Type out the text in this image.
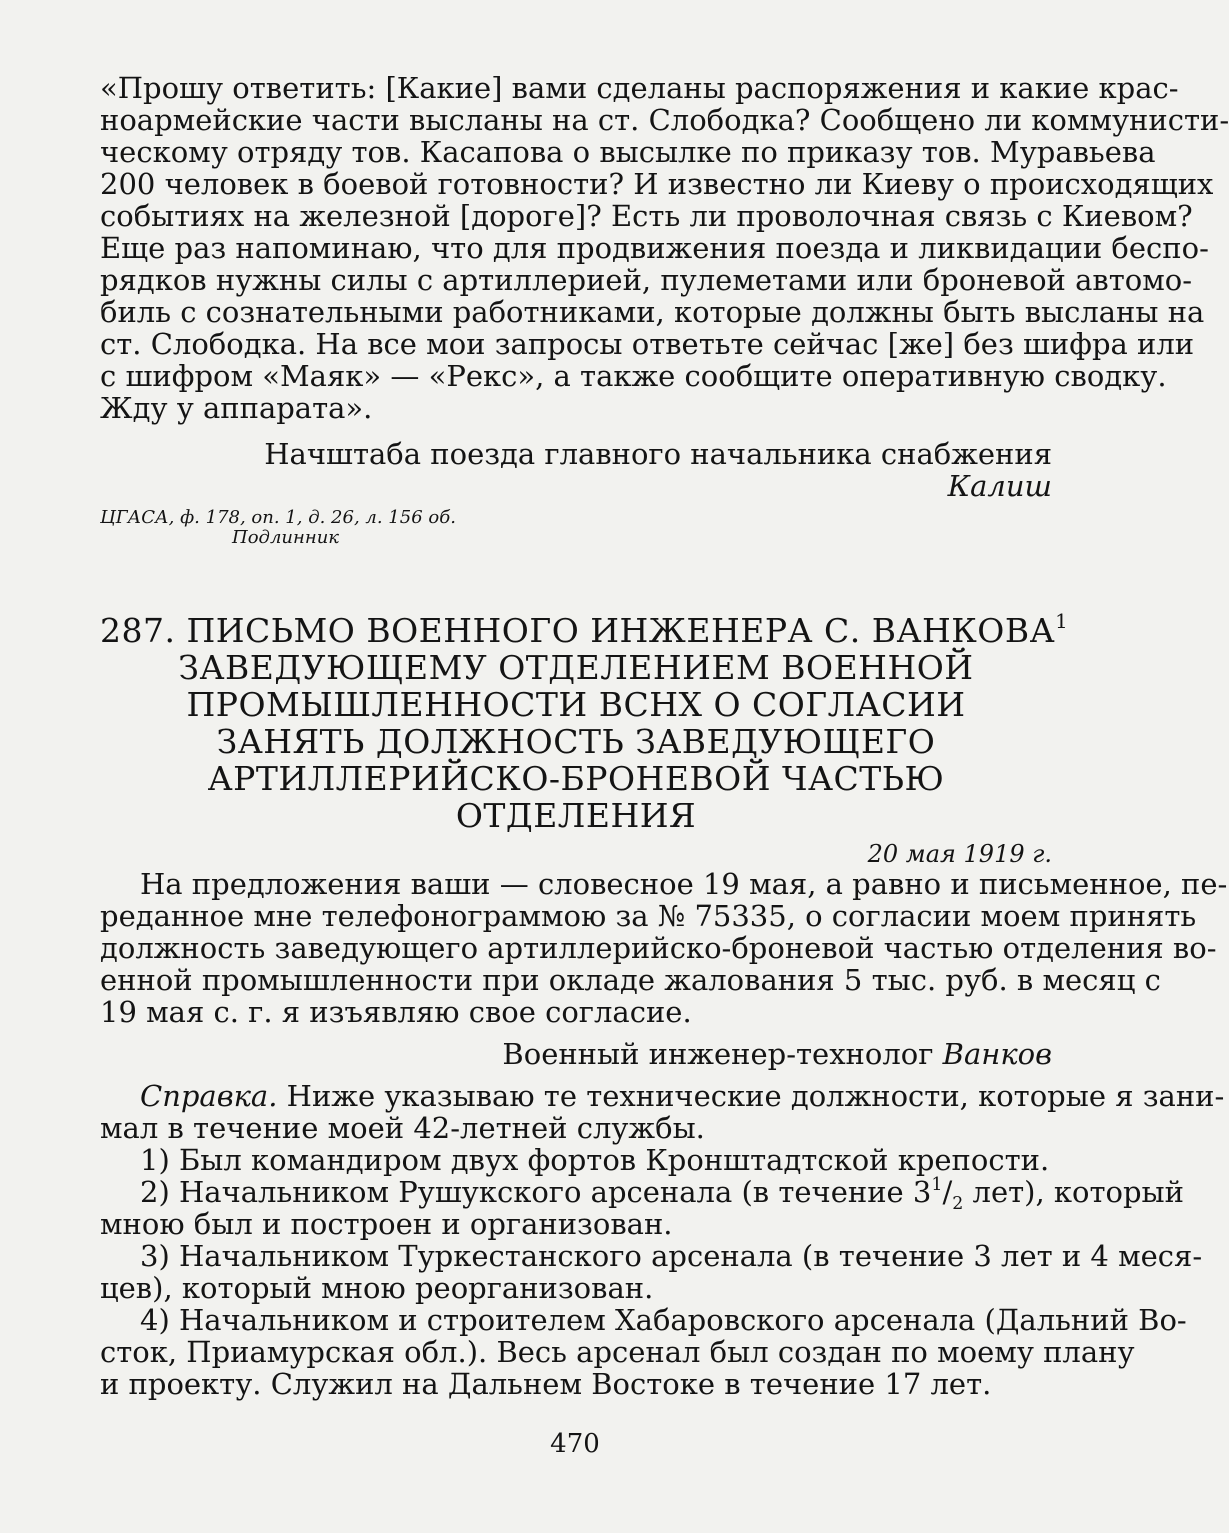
«Прошу ответить: [Какие] вами сделаны распоряжения и какие крас-

ноармейские части высланы на ст. Слободка? Сообщено ли коммунисти-

ческому отряду тов. Касапова о высылке по приказу тов. Муравьева

200 человек в боевой готовности? И известно ли Киеву о происходящих

событиях на железной [дороге]? Есть ли проволочная связь с Киевом?

Еще раз напоминаю, что для продвижения поезда и ликвидации беспо-

рядков нужны силы с артиллерией, пулеметами или броневой автомо-

биль с сознательными работниками, которые должны быть высланы на

ст. Слободка. На все мои запросы ответьте сейчас [же] без шифра или

с шифром «Маяк» — «Рекс», а также сообщите оперативную сводку.

Жду у аппарата».

Начштаба поезда главного начальника снабжения

Калиш

ЦГАСА, ф. 178, оп. 1, д. 26, л. 156 об.

Подлинник

287. ПИСЬМО ВОЕННОГО ИНЖЕНЕРА С. ВАНКОВА$^1$

ЗАВЕДУЮЩЕМУ ОТДЕЛЕНИЕМ ВОЕННОЙ

ПРОМЫШЛЕННОСТИ ВСНХ О СОГЛАСИИ

ЗАНЯТЬ ДОЛЖНОСТЬ ЗАВЕДУЮЩЕГО

АРТИЛЛЕРИЙСКО-БРОНЕВОЙ ЧАСТЬЮ

ОТДЕЛЕНИЯ

20 мая 1919 г.

На предложения ваши — словесное 19 мая, а равно и письменное, пе-

реданное мне телефонограммою за № 75335, о согласии моем принять

должность заведующего артиллерийско-броневой частью отделения во-

енной промышленности при окладе жалования 5 тыс. руб. в месяц с

19 мая с. г. я изъявляю свое согласие.

Военный инженер-технолог Ванков

Справка. Ниже указываю те технические должности, которые я зани-

мал в течение моей 42-летней службы.

1) Был командиром двух фортов Кронштадтской крепости.

2) Начальником Рушукского арсенала (в течение $3^1/_2$ лет), который

мною был и построен и организован.

3) Начальником Туркестанского арсенала (в течение 3 лет и 4 меся-

цев), который мною реорганизован.

4) Начальником и строителем Хабаровского арсенала (Дальний Во-

сток, Приамурская обл.). Весь арсенал был создан по моему плану

и проекту. Служил на Дальнем Востоке в течение 17 лет.

470
